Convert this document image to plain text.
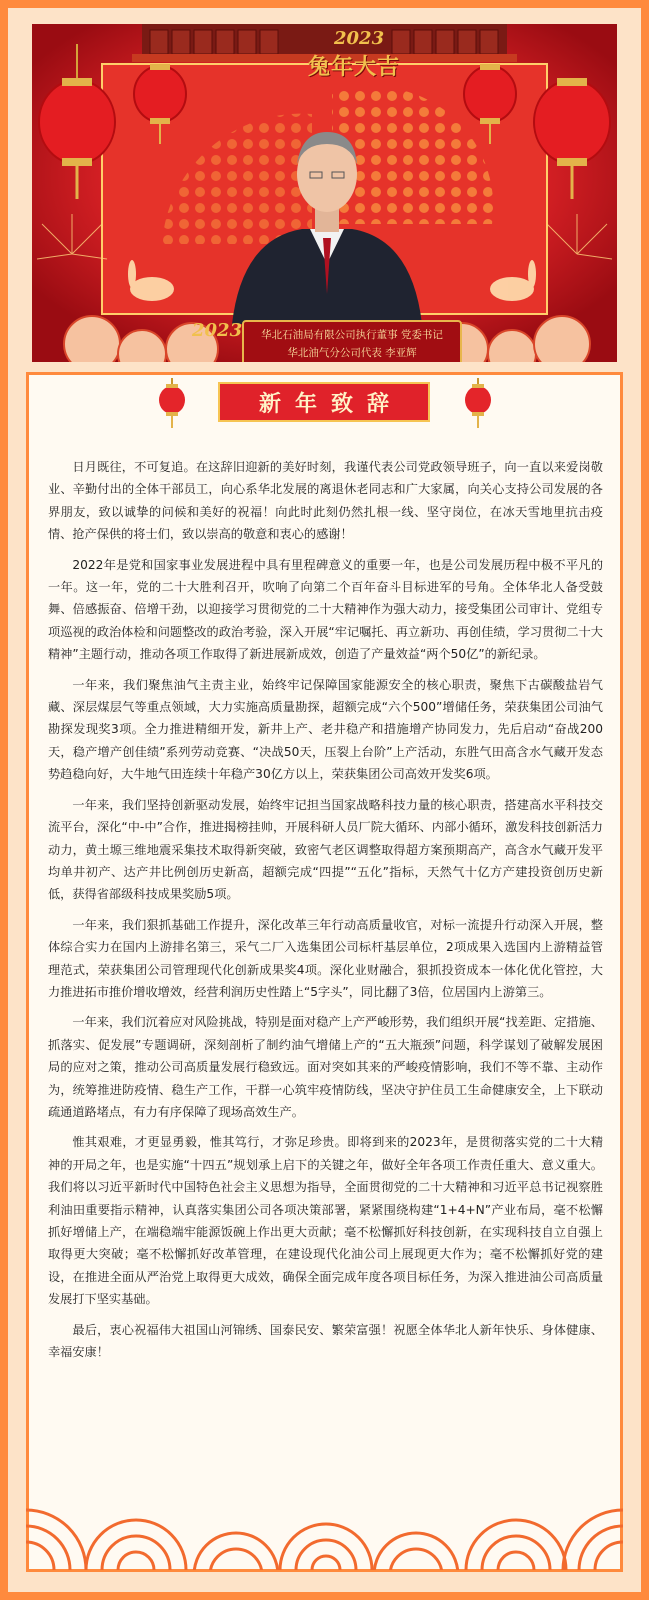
2023
兔年大吉
华北石油局有限公司执行董事 党委书记
华北油气分公司代表 李亚辉
2023
新年致辞

日月既往，不可复追。在这辞旧迎新的美好时刻，我谨代表公司党政领导班子，向一直以来爱岗敬业、辛勤付出的全体干部员工，向心系华北发展的离退休老同志和广大家属，向关心支持公司发展的各界朋友，致以诚挚的问候和美好的祝福！向此时此刻仍然扎根一线、坚守岗位，在冰天雪地里抗击疫情、抢产保供的将士们，致以崇高的敬意和衷心的感谢！

2022年是党和国家事业发展进程中具有里程碑意义的重要一年，也是公司发展历程中极不平凡的一年。这一年，党的二十大胜利召开，吹响了向第二个百年奋斗目标进军的号角。全体华北人备受鼓舞、倍感振奋、倍增干劲，以迎接学习贯彻党的二十大精神作为强大动力，接受集团公司审计、党组专项巡视的政治体检和问题整改的政治考验，深入开展“牢记嘱托、再立新功、再创佳绩，学习贯彻二十大精神”主题行动，推动各项工作取得了新进展新成效，创造了产量效益“两个50亿”的新纪录。

一年来，我们聚焦油气主责主业，始终牢记保障国家能源安全的核心职责，聚焦下古碳酸盐岩气藏、深层煤层气等重点领域，大力实施高质量勘探，超额完成“六个500”增储任务，荣获集团公司油气勘探发现奖3项。全力推进精细开发，新井上产、老井稳产和措施增产协同发力，先后启动“奋战200天，稳产增产创佳绩”系列劳动竞赛、“决战50天，压裂上台阶”上产活动，东胜气田高含水气藏开发态势趋稳向好，大牛地气田连续十年稳产30亿方以上，荣获集团公司高效开发奖6项。

一年来，我们坚持创新驱动发展，始终牢记担当国家战略科技力量的核心职责，搭建高水平科技交流平台，深化“中-中”合作，推进揭榜挂帅，开展科研人员厂院大循环、内部小循环，激发科技创新活力动力，黄土塬三维地震采集技术取得新突破，致密气老区调整取得超方案预期高产，高含水气藏开发平均单井初产、达产井比例创历史新高，超额完成“四提”“五化”指标，天然气十亿方产建投资创历史新低，获得省部级科技成果奖励5项。

一年来，我们狠抓基础工作提升，深化改革三年行动高质量收官，对标一流提升行动深入开展，整体综合实力在国内上游排名第三，采气二厂入选集团公司标杆基层单位，2项成果入选国内上游精益管理范式，荣获集团公司管理现代化创新成果奖4项。深化业财融合，狠抓投资成本一体化优化管控，大力推进拓市推价增收增效，经营利润历史性踏上“5字头”，同比翻了3倍，位居国内上游第三。

一年来，我们沉着应对风险挑战，特别是面对稳产上产严峻形势，我们组织开展“找差距、定措施、抓落实、促发展”专题调研，深刻剖析了制约油气增储上产的“五大瓶颈”问题，科学谋划了破解发展困局的应对之策，推动公司高质量发展行稳致远。面对突如其来的严峻疫情影响，我们不等不靠、主动作为，统筹推进防疫情、稳生产工作，干群一心筑牢疫情防线，坚决守护住员工生命健康安全，上下联动疏通道路堵点，有力有序保障了现场高效生产。

惟其艰难，才更显勇毅，惟其笃行，才弥足珍贵。即将到来的2023年，是贯彻落实党的二十大精神的开局之年，也是实施“十四五”规划承上启下的关键之年，做好全年各项工作责任重大、意义重大。我们将以习近平新时代中国特色社会主义思想为指导，全面贯彻党的二十大精神和习近平总书记视察胜利油田重要指示精神，认真落实集团公司各项决策部署，紧紧围绕构建“1+4+N”产业布局，毫不松懈抓好增储上产，在端稳端牢能源饭碗上作出更大贡献；毫不松懈抓好科技创新，在实现科技自立自强上取得更大突破；毫不松懈抓好改革管理，在建设现代化油公司上展现更大作为；毫不松懈抓好党的建设，在推进全面从严治党上取得更大成效，确保全面完成年度各项目标任务，为深入推进油公司高质量发展打下坚实基础。

最后，衷心祝福伟大祖国山河锦绣、国泰民安、繁荣富强！祝愿全体华北人新年快乐、身体健康、幸福安康！
